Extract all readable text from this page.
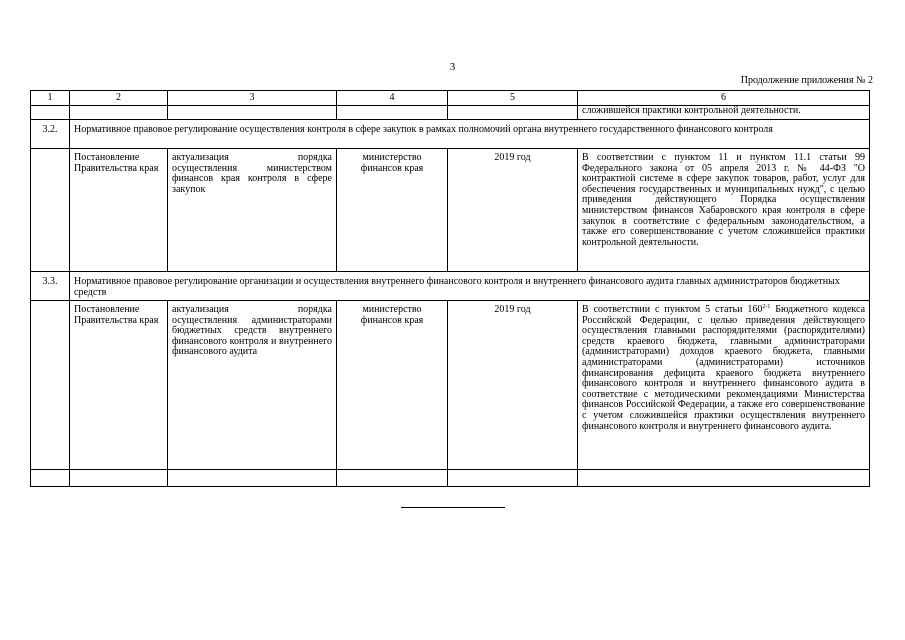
3
Продолжение приложения № 2
1	2	3	4	5	6
					сложившейся практики контрольной деятельности.
3.2.	Нормативное правовое регулирование осуществления контроля в сфере закупок в рамках полномочий органа внутреннего государственного финансового контроля				
	Постановление Правительства края	актуализация порядка осуществления министерством финансов края контроля в сфере закупок	министерство финансов края	2019 год	В соответствии с пунктом 11 и пунктом 11.1 статьи 99 Федерального закона от 05 апреля 2013 г. № 44-ФЗ "О контрактной системе в сфере закупок товаров, работ, услуг для обеспечения государственных и муниципальных нужд", с целью приведения действующего Порядка осуществления министерством финансов Хабаровского края контроля в сфере закупок в соответствие с федеральным законодательством, а также его совершенствование с учетом сложившейся практики контрольной деятельности.
3.3.	Нормативное правовое регулирование организации и осуществления внутреннего финансового контроля и внутреннего финансового аудита главных администраторов бюджетных средств				
	Постановление Правительства края	актуализация порядка осуществления администраторами бюджетных средств внутреннего финансового контроля и внутреннего финансового аудита	министерство финансов края	2019 год	В соответствии с пунктом 5 статьи 160$^{2-1}$ Бюджетного кодекса Российской Федерации, с целью приведения действующего осуществления главными распорядителями (распорядителями) средств краевого бюджета, главными администраторами (администраторами) доходов краевого бюджета, главными администраторами (администраторами) источников финансирования дефицита краевого бюджета внутреннего финансового контроля и внутреннего финансового аудита в соответствие с методическими рекомендациями Министерства финансов Российской Федерации, а также его совершенствование с учетом сложившейся практики осуществления внутреннего финансового контроля и внутреннего финансового аудита.
